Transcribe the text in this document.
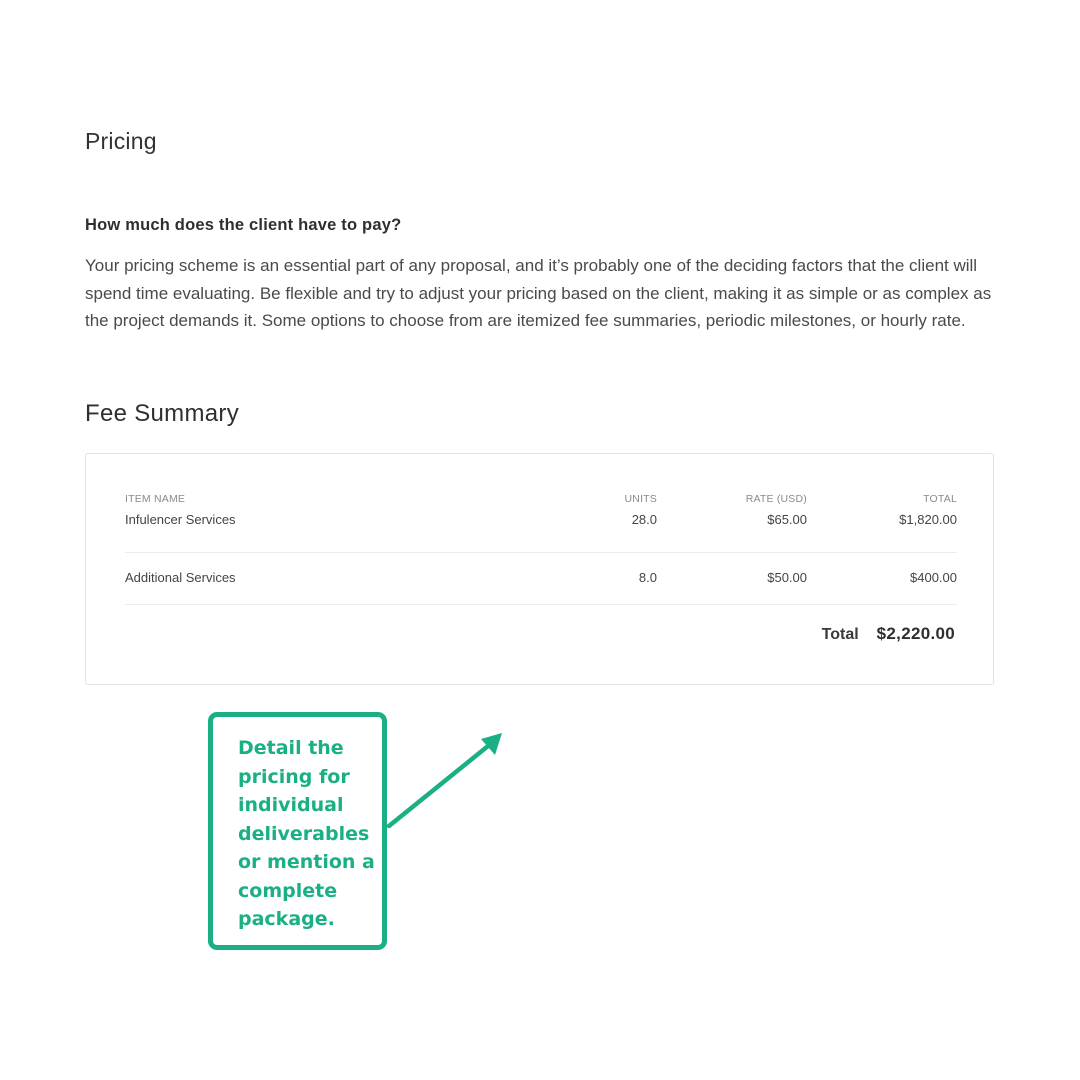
Pricing
How much does the client have to pay?

Your pricing scheme is an essential part of any proposal, and it’s probably one of the deciding factors that the client will spend time evaluating. Be flexible and try to adjust your pricing based on the client, making it as simple or as complex as the project demands it. Some options to choose from are itemized fee summaries, periodic milestones, or hourly rate.

Fee Summary
ITEM NAME	UNITS	RATE (USD)	TOTAL
Infulencer Services	28.0	$65.00	$1,820.00
Additional Services	8.0	$50.00	$400.00
Total $2,220.00

Detail the pricing for individual deliverables or mention a complete package.
